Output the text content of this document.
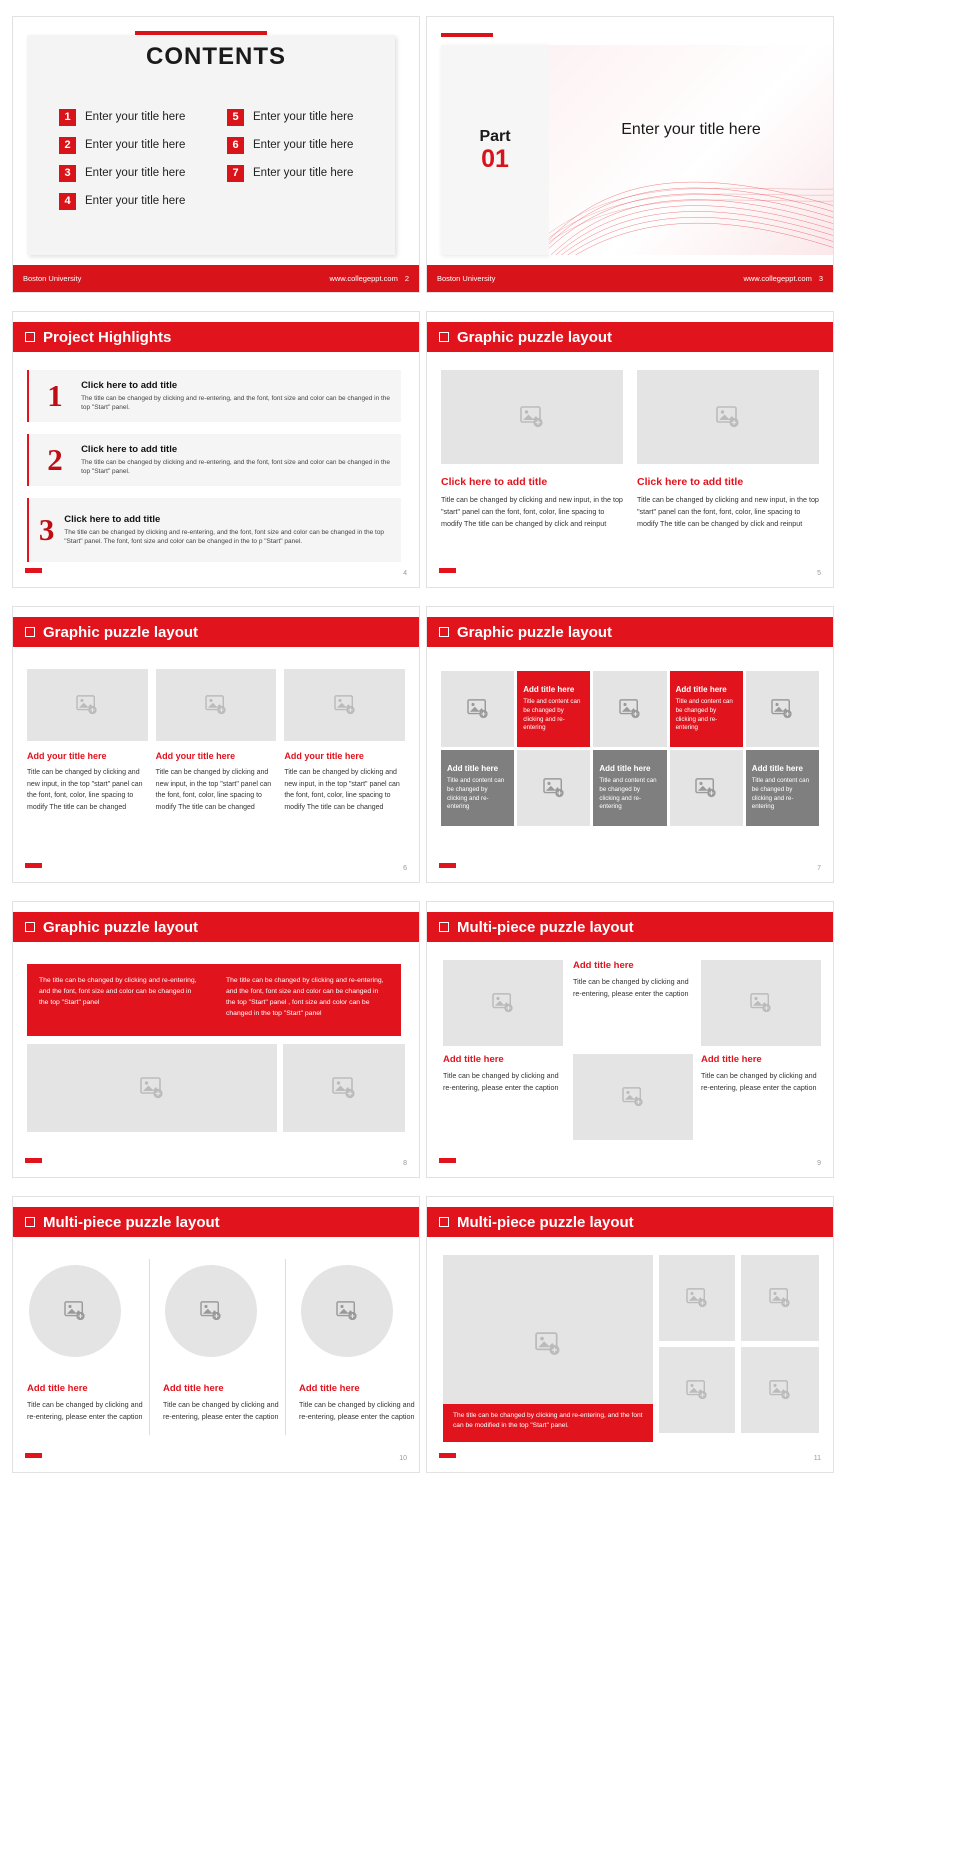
CONTENTS
1	Enter your title here	5	Enter your title here
2	Enter your title here	6	Enter your title here
3	Enter your title here	7	Enter your title here
4	Enter your title here
Boston University	www.collegeppt.com 2
Part
01
Enter your title here
Boston University	www.collegeppt.com 3
Project Highlights
1	Click here to add title
The title can be changed by clicking and re-entering, and the font, font size and color can be changed in the top "Start" panel.
2	Click here to add title
The title can be changed by clicking and re-entering, and the font, font size and color can be changed in the top "Start" panel.
3	Click here to add title
The title can be changed by clicking and re-entering, and the font, font size and color can be changed in the top "Start" panel. The font, font size and color can be changed in the to p "Start" panel.
4
Graphic puzzle layout
Click here to add title
Title can be changed by clicking and new input, in the top "start" panel can the font, font, color, line spacing to modify The title can be changed by click and reinput
Click here to add title
Title can be changed by clicking and new input, in the top "start" panel can the font, font, color, line spacing to modify The title can be changed by click and reinput
5
Graphic puzzle layout
Add your title here
Title can be changed by clicking and new input, in the top "start" panel can the font, font, color, line spacing to modify The title can be changed
Add your title here
Title can be changed by clicking and new input, in the top "start" panel can the font, font, color, line spacing to modify The title can be changed
Add your title here
Title can be changed by clicking and new input, in the top "start" panel can the font, font, color, line spacing to modify The title can be changed
6
Graphic puzzle layout
Add title here
Title and content can be changed by clicking and re-entering
Add title here
Title and content can be changed by clicking and re-entering
Add title here
Title and content can be changed by clicking and re-entering
Add title here
Title and content can be changed by clicking and re-entering
Add title here
Title and content can be changed by clicking and re-entering
7
Graphic puzzle layout
The title can be changed by clicking and re-entering, and the font, font size and color can be changed in the top "Start" panel
The title can be changed by clicking and re-entering, and the font, font size and color can be changed in the top "Start" panel , font size and color can be changed in the top "Start" panel
8
Multi-piece puzzle layout
Add title here
Title can be changed by clicking and re-entering, please enter the caption
Add title here
Title can be changed by clicking and re-entering, please enter the caption
Add title here
Title can be changed by clicking and re-entering, please enter the caption
9
Multi-piece puzzle layout
Add title here
Title can be changed by clicking and re-entering, please enter the caption
Add title here
Title can be changed by clicking and re-entering, please enter the caption
Add title here
Title can be changed by clicking and re-entering, please enter the caption
10
Multi-piece puzzle layout
The title can be changed by clicking and re-entering, and the font can be modified in the top "Start" panel.
11
